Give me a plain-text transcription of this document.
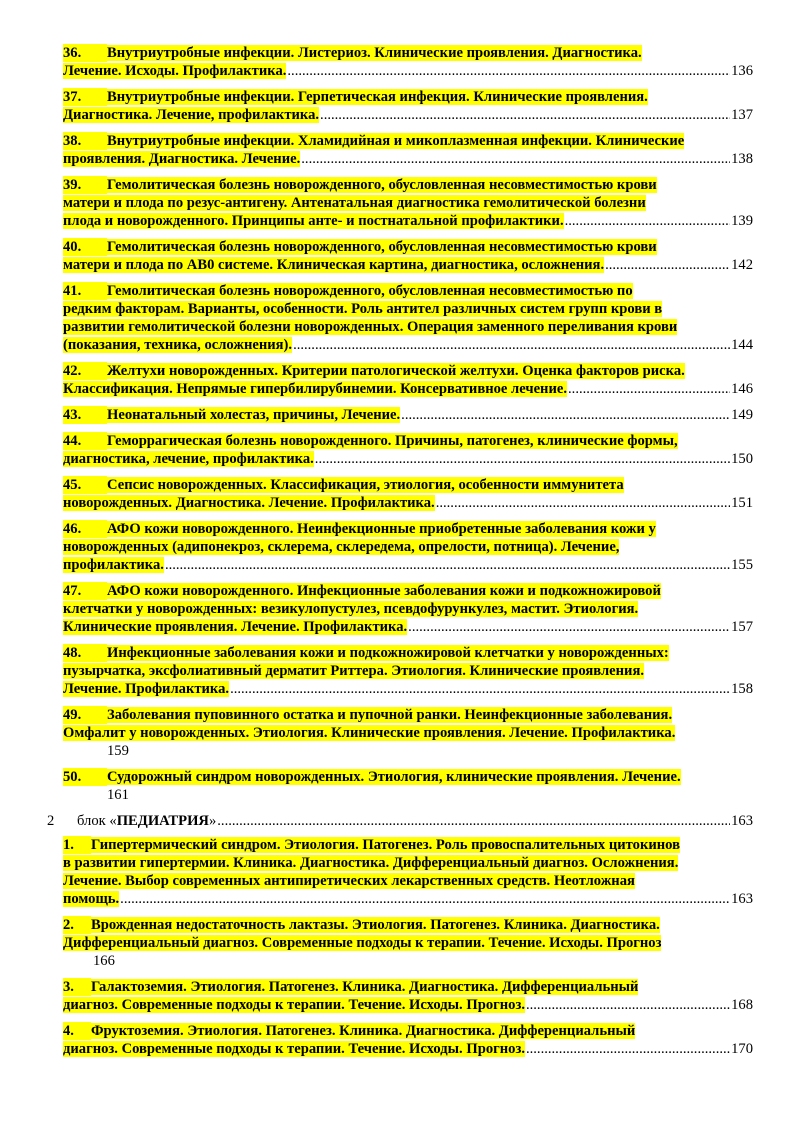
36. Внутриутробные инфекции. Листериоз. Клинические проявления. Диагностика.
Лечение. Исходы. Профилактика. .....	136
37. Внутриутробные инфекции. Герпетическая инфекция. Клинические проявления.
Диагностика. Лечение, профилактика. .....	137
38. Внутриутробные инфекции. Хламидийная и микоплазменная инфекции. Клинические
проявления. Диагностика. Лечение. .....	138
39. Гемолитическая болезнь новорожденного, обусловленная несовместимостью крови
матери и плода по резус-антигену. Антенатальная диагностика гемолитической болезни
плода и новорожденного. Принципы анте- и постнатальной профилактики. .....	139
40. Гемолитическая болезнь новорожденного, обусловленная несовместимостью крови
матери и плода по АВ0 системе. Клиническая картина, диагностика, осложнения. .....	142
41. Гемолитическая болезнь новорожденного, обусловленная несовместимостью по
редким факторам. Варианты, особенности. Роль антител различных систем групп крови в
развитии гемолитической болезни новорожденных. Операция заменного переливания крови
(показания, техника, осложнения). .....	144
42. Желтухи новорожденных. Критерии патологической желтухи. Оценка факторов риска.
Классификация. Непрямые гипербилирубинемии. Консервативное лечение. .....	146
43. Неонатальный холестаз, причины, Лечение. .....	149
44. Геморрагическая болезнь новорожденного. Причины, патогенез, клинические формы,
диагностика, лечение, профилактика. .....	150
45. Сепсис новорожденных. Классификация, этиология, особенности иммунитета
новорожденных. Диагностика. Лечение. Профилактика. .....	151
46. АФО кожи новорожденного. Неинфекционные приобретенные заболевания кожи у
новорожденных (адипонекроз, склерема, склередема, опрелости, потница). Лечение,
профилактика. .....	155
47. АФО кожи новорожденного. Инфекционные заболевания кожи и подкожножировой
клетчатки у новорожденных: везикулопустулез, псевдофурункулез, мастит. Этиология.
Клинические проявления. Лечение. Профилактика. .....	157
48. Инфекционные заболевания кожи и подкожножировой клетчатки у новорожденных:
пузырчатка, эксфолиативный дерматит Риттера. Этиология. Клинические проявления.
Лечение. Профилактика. .....	158
49. Заболевания пуповинного остатка и пупочной ранки. Неинфекционные заболевания.
Омфалит у новорожденных. Этиология. Клинические проявления. Лечение. Профилактика.
159
50. Судорожный синдром новорожденных. Этиология, клинические проявления. Лечение.
161
2	блок «ПЕДИАТРИЯ» .....	163
1. Гипертермический синдром. Этиология. Патогенез. Роль провоспалительных цитокинов
в развитии гипертермии. Клиника. Диагностика. Дифференциальный диагноз. Осложнения.
Лечение. Выбор современных антипиретических лекарственных средств. Неотложная
помощь. .....	163
2. Врожденная недостаточность лактазы. Этиология. Патогенез. Клиника. Диагностика.
Дифференциальный диагноз. Современные подходы к терапии. Течение. Исходы. Прогноз
166
3. Галактоземия. Этиология. Патогенез. Клиника. Диагностика. Дифференциальный
диагноз. Современные подходы к терапии. Течение. Исходы. Прогноз. .....	168
4. Фруктоземия. Этиология. Патогенез. Клиника. Диагностика. Дифференциальный
диагноз. Современные подходы к терапии. Течение. Исходы. Прогноз. .....	170
